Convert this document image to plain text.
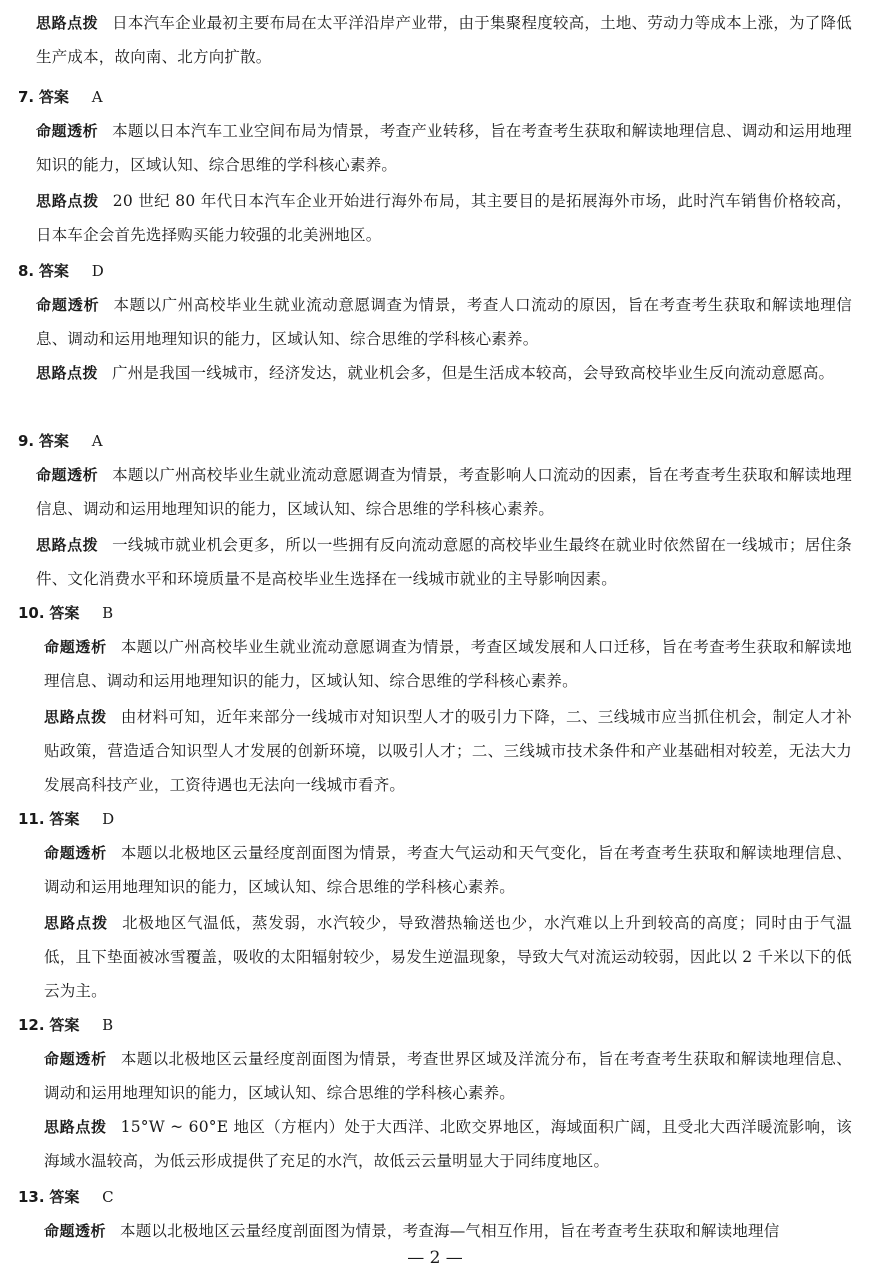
思路点拨 日本汽车企业最初主要布局在太平洋沿岸产业带，由于集聚程度较高，土地、劳动力等成本上涨，为了降低生产成本，故向南、北方向扩散。
7. 答案 A
命题透析 本题以日本汽车工业空间布局为情景，考查产业转移，旨在考查考生获取和解读地理信息、调动和运用地理知识的能力，区域认知、综合思维的学科核心素养。
思路点拨 20 世纪 80 年代日本汽车企业开始进行海外布局，其主要目的是拓展海外市场，此时汽车销售价格较高，日本车企会首先选择购买能力较强的北美洲地区。
8. 答案 D
命题透析 本题以广州高校毕业生就业流动意愿调查为情景，考查人口流动的原因，旨在考查考生获取和解读地理信息、调动和运用地理知识的能力，区域认知、综合思维的学科核心素养。
思路点拨 广州是我国一线城市，经济发达，就业机会多，但是生活成本较高，会导致高校毕业生反向流动意愿高。
9. 答案 A
命题透析 本题以广州高校毕业生就业流动意愿调查为情景，考查影响人口流动的因素，旨在考查考生获取和解读地理信息、调动和运用地理知识的能力，区域认知、综合思维的学科核心素养。
思路点拨 一线城市就业机会更多，所以一些拥有反向流动意愿的高校毕业生最终在就业时依然留在一线城市；居住条件、文化消费水平和环境质量不是高校毕业生选择在一线城市就业的主导影响因素。
10. 答案 B
命题透析 本题以广州高校毕业生就业流动意愿调查为情景，考查区域发展和人口迁移，旨在考查考生获取和解读地理信息、调动和运用地理知识的能力，区域认知、综合思维的学科核心素养。
思路点拨 由材料可知，近年来部分一线城市对知识型人才的吸引力下降，二、三线城市应当抓住机会，制定人才补贴政策，营造适合知识型人才发展的创新环境，以吸引人才；二、三线城市技术条件和产业基础相对较差，无法大力发展高科技产业，工资待遇也无法向一线城市看齐。
11. 答案 D
命题透析 本题以北极地区云量经度剖面图为情景，考查大气运动和天气变化，旨在考查考生获取和解读地理信息、调动和运用地理知识的能力，区域认知、综合思维的学科核心素养。
思路点拨 北极地区气温低，蒸发弱，水汽较少，导致潜热输送也少，水汽难以上升到较高的高度；同时由于气温低，且下垫面被冰雪覆盖，吸收的太阳辐射较少，易发生逆温现象，导致大气对流运动较弱，因此以 2 千米以下的低云为主。
12. 答案 B
命题透析 本题以北极地区云量经度剖面图为情景，考查世界区域及洋流分布，旨在考查考生获取和解读地理信息、调动和运用地理知识的能力，区域认知、综合思维的学科核心素养。
思路点拨 15°W ~ 60°E 地区（方框内）处于大西洋、北欧交界地区，海域面积广阔，且受北大西洋暖流影响，该海域水温较高，为低云形成提供了充足的水汽，故低云云量明显大于同纬度地区。
13. 答案 C
命题透析 本题以北极地区云量经度剖面图为情景，考查海—气相互作用，旨在考查考生获取和解读地理信
— 2 —
